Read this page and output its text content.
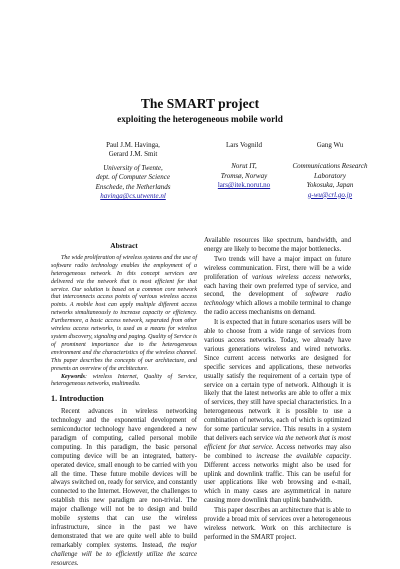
The SMART project
exploiting the heterogeneous mobile world
Paul J.M. Havinga,
Gerard J.M. Smit
University of Twente,
dept. of Computer Science
Enschede, the Netherlands
havinga@cs.utwente.nl
Lars Vognild
Norut IT,
Tromsø, Norway
lars@itek.norut.no
Gang Wu
Communications Research
Laboratory
Yokosuka, Japan
g-wu@crl.go.jp
Abstract

The wide proliferation of wireless systems and the use of software radio technology enables the employment of a heterogeneous network. In this concept services are delivered via the network that is most efficient for that service. Our solution is based on a common core network that interconnects access points of various wireless access points. A mobile host can apply multiple different access networks simultaneously to increase capacity or efficiency. Furthermore, a basic access network, separated from other wireless access networks, is used as a means for wireless system discovery, signaling and paging. Quality of Service is of prominent importance due to the heterogeneous environment and the characteristics of the wireless channel. This paper describes the concepts of our architecture, and presents an overview of the architecture.

Keywords: wireless Internet, Quality of Service, heterogeneous networks, multimedia.

1. Introduction

Recent advances in wireless networking technology and the exponential development of semiconductor technology have engendered a new paradigm of computing, called personal mobile computing. In this paradigm, the basic personal computing device will be an integrated, battery-operated device, small enough to be carried with you all the time. These future mobile devices will be always switched on, ready for service, and constantly connected to the Internet. However, the challenges to establish this new paradigm are non-trivial. The major challenge will not be to design and build mobile systems that can use the wireless infrastructure, since in the past we have demonstrated that we are quite well able to build remarkably complex systems. Instead, the major challenge will be to efficiently utilize the scarce resources.

Available resources like spectrum, bandwidth, and energy are likely to become the major bottlenecks.

Two trends will have a major impact on future wireless communication. First, there will be a wide proliferation of various wireless access networks, each having their own preferred type of service, and second, the development of software radio technology which allows a mobile terminal to change the radio access mechanisms on demand.

It is expected that in future scenarios users will be able to choose from a wide range of services from various access networks. Today, we already have various generations wireless and wired networks. Since current access networks are designed for specific services and applications, these networks usually satisfy the requirement of a certain type of service on a certain type of network. Although it is likely that the latest networks are able to offer a mix of services, they still have special characteristics. In a heterogeneous network it is possible to use a combination of networks, each of which is optimized for some particular service. This results in a system that delivers each service via the network that is most efficient for that service. Access networks may also be combined to increase the available capacity. Different access networks might also be used for uplink and downlink traffic. This can be useful for user applications like web browsing and e-mail, which in many cases are asymmetrical in nature causing more downlink than uplink bandwidth.

This paper describes an architecture that is able to provide a broad mix of services over a heterogeneous wireless network. Work on this architecture is performed in the SMART project.
